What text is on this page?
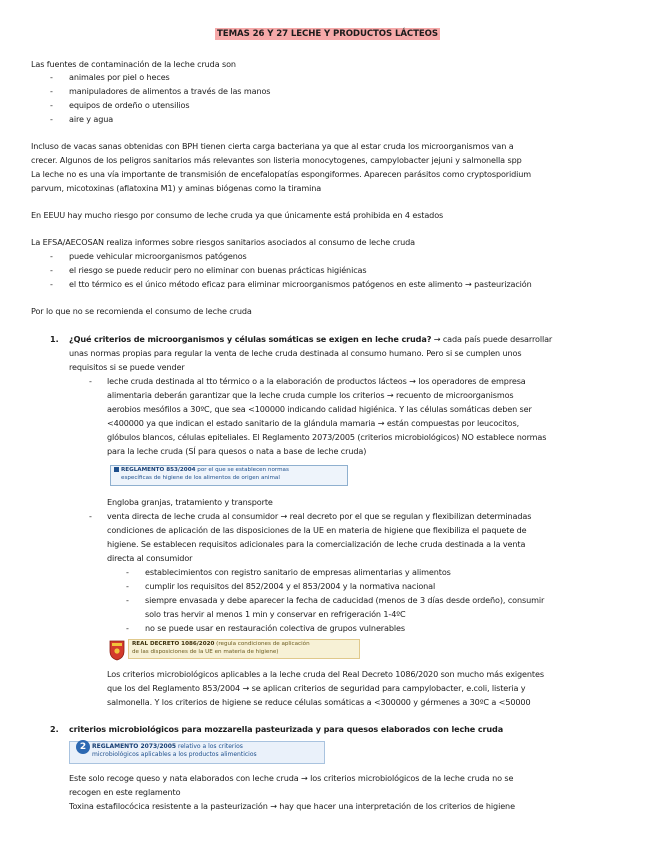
TEMAS 26 Y 27 LECHE Y PRODUCTOS LÁCTEOS
Las fuentes de contaminación de la leche cruda son
- animales por piel o heces
- manipuladores de alimentos a través de las manos
- equipos de ordeño o utensilios
- aire y agua
Incluso de vacas sanas obtenidas con BPH tienen cierta carga bacteriana ya que al estar cruda los microorganismos van a
crecer. Algunos de los peligros sanitarios más relevantes son listeria monocytogenes, campylobacter jejuni y salmonella spp
La leche no es una vía importante de transmisión de encefalopatías espongiformes. Aparecen parásitos como cryptosporidium
parvum, micotoxinas (aflatoxina M1) y aminas biógenas como la tiramina
En EEUU hay mucho riesgo por consumo de leche cruda ya que únicamente está prohibida en 4 estados
La EFSA/AECOSAN realiza informes sobre riesgos sanitarios asociados al consumo de leche cruda
- puede vehicular microorganismos patógenos
- el riesgo se puede reducir pero no eliminar con buenas prácticas higiénicas
- el tto térmico es el único método eficaz para eliminar microorganismos patógenos en este alimento → pasteurización
Por lo que no se recomienda el consumo de leche cruda
1. ¿Qué criterios de microorganismos y células somáticas se exigen en leche cruda? → cada país puede desarrollar
unas normas propias para regular la venta de leche cruda destinada al consumo humano. Pero si se cumplen unos
requisitos si se puede vender
- leche cruda destinada al tto térmico o a la elaboración de productos lácteos → los operadores de empresa
alimentaria deberán garantizar que la leche cruda cumple los criterios → recuento de microorganismos
aerobios mesófilos a 30ºC, que sea <100000 indicando calidad higiénica. Y las células somáticas deben ser
<400000 ya que indican el estado sanitario de la glándula mamaria → están compuestas por leucocitos,
glóbulos blancos, células epiteliales. El Reglamento 2073/2005 (criterios microbiológicos) NO establece normas
para la leche cruda (SÍ para quesos o nata a base de leche cruda)
REGLAMENTO 853/2004 por el que se establecen normas
específicas de higiene de los alimentos de origen animal
Engloba granjas, tratamiento y transporte
- venta directa de leche cruda al consumidor → real decreto por el que se regulan y flexibilizan determinadas
condiciones de aplicación de las disposiciones de la UE en materia de higiene que flexibiliza el paquete de
higiene. Se establecen requisitos adicionales para la comercialización de leche cruda destinada a la venta
directa al consumidor
- establecimientos con registro sanitario de empresas alimentarias y alimentos
- cumplir los requisitos del 852/2004 y el 853/2004 y la normativa nacional
- siempre envasada y debe aparecer la fecha de caducidad (menos de 3 días desde ordeño), consumir
solo tras hervir al menos 1 min y conservar en refrigeración 1-4ºC
- no se puede usar en restauración colectiva de grupos vulnerables
REAL DECRETO 1086/2020 (regula condiciones de aplicación
de las disposiciones de la UE en materia de higiene)
Los criterios microbiológicos aplicables a la leche cruda del Real Decreto 1086/2020 son mucho más exigentes
que los del Reglamento 853/2004 → se aplican criterios de seguridad para campylobacter, e.coli, listeria y
salmonella. Y los criterios de higiene se reduce células somáticas a <300000 y gérmenes a 30ºC a <50000
2. criterios microbiológicos para mozzarella pasteurizada y para quesos elaborados con leche cruda
REGLAMENTO 2073/2005 relativo a los criterios
microbiológicos aplicables a los productos alimenticios
2
Este solo recoge queso y nata elaborados con leche cruda → los criterios microbiológicos de la leche cruda no se
recogen en este reglamento
Toxina estafilocócica resistente a la pasteurización → hay que hacer una interpretación de los criterios de higiene
